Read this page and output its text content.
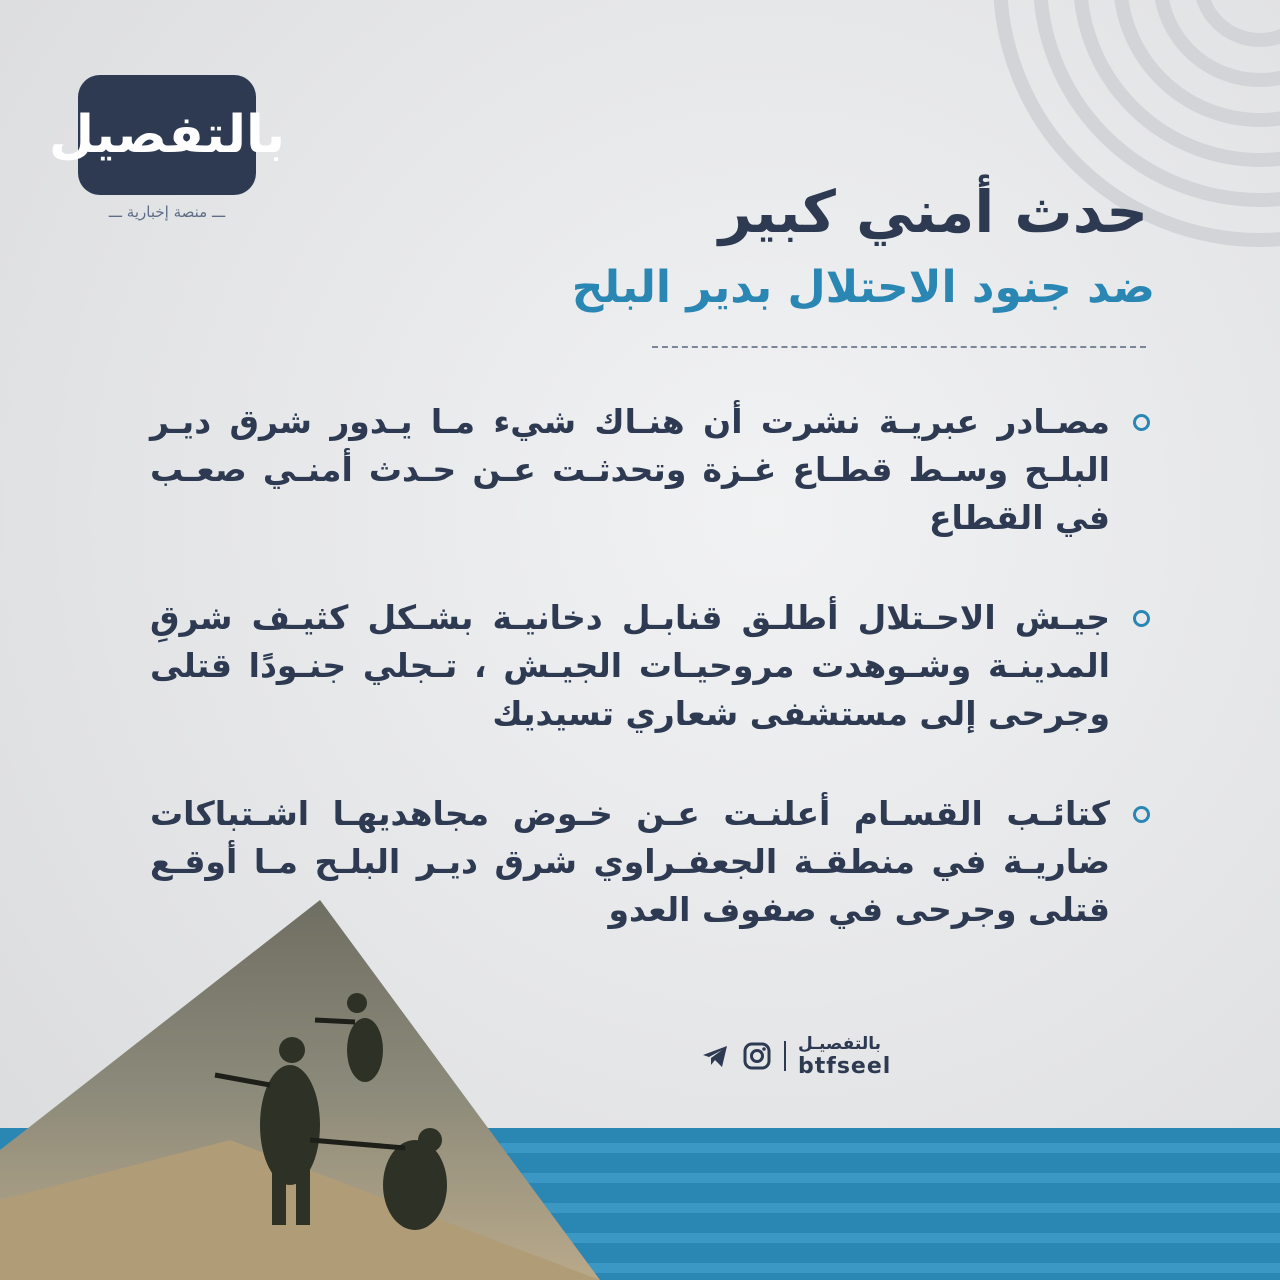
بالتفصيل
ـــ منصة إخبارية ـــ	حدث أمني كبير
ضد جنود الاحتلال بدير البلح
مصـادر عبريـة نشرت أن هنـاك شيء مـا يـدور شرق ديـر البلـح وسـط قطـاع غـزة وتحدثـت عـن حـدث أمنـي صعـب في القطاع
جيـش الاحـتلال أطلـق قنابـل دخانيـة بشـكل كثيـف شرقِ المدينـة وشـوهدت مروحيـات الجيـش ، تـجلي جنـودًا قتلى وجرحى إلى مستشفى شعاري تسيديك
كتائـب القسـام أعلنـت عـن خـوض مجاهديهـا اشـتباكات ضاريـة في منطقـة الجعفـراوي شرق ديـر البلـح مـا أوقـع قتلى وجرحى في صفوف العدو
بالتفصيـل
btfseel
